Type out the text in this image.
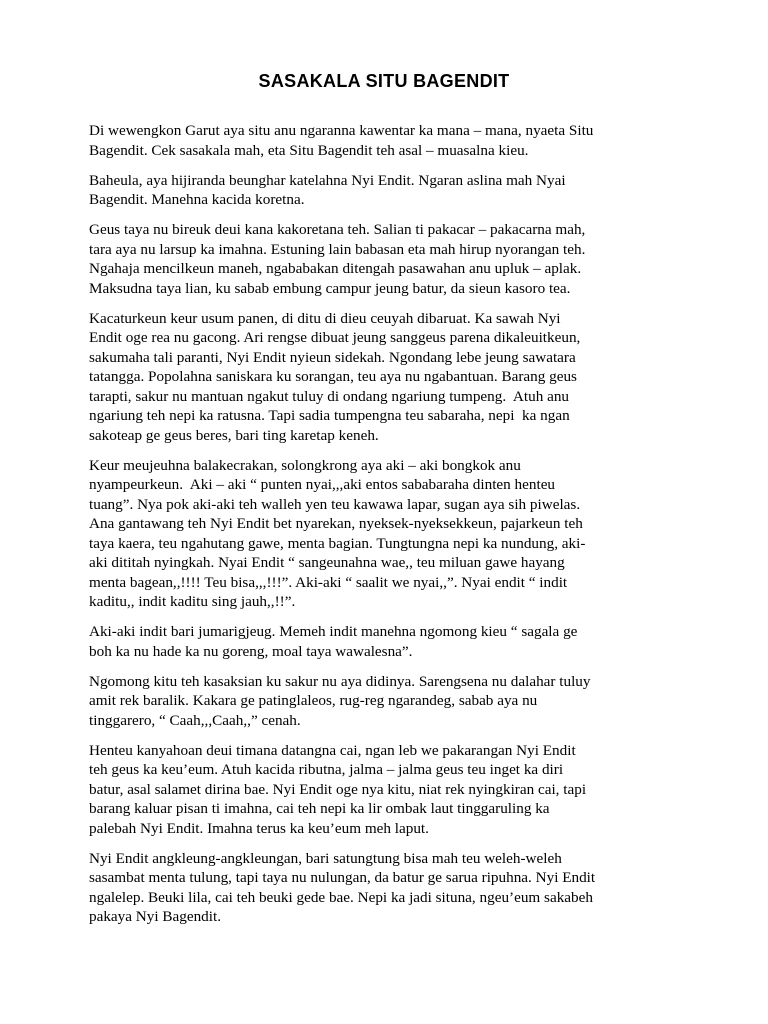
SASAKALA SITU BAGENDIT

Di wewengkon Garut aya situ anu ngaranna kawentar ka mana – mana, nyaeta Situ
Bagendit. Cek sasakala mah, eta Situ Bagendit teh asal – muasalna kieu.

Baheula, aya hijiranda beunghar katelahna Nyi Endit. Ngaran aslina mah Nyai
Bagendit. Manehna kacida koretna.

Geus taya nu bireuk deui kana kakoretana teh. Salian ti pakacar – pakacarna mah,
tara aya nu larsup ka imahna. Estuning lain babasan eta mah hirup nyorangan teh.
Ngahaja mencilkeun maneh, ngababakan ditengah pasawahan anu upluk – aplak.
Maksudna taya lian, ku sabab embung campur jeung batur, da sieun kasoro tea.

Kacaturkeun keur usum panen, di ditu di dieu ceuyah dibaruat. Ka sawah Nyi
Endit oge rea nu gacong. Ari rengse dibuat jeung sanggeus parena dikaleuitkeun,
sakumaha tali paranti, Nyi Endit nyieun sidekah. Ngondang lebe jeung sawatara
tatangga. Popolahna saniskara ku sorangan, teu aya nu ngabantuan. Barang geus
tarapti, sakur nu mantuan ngakut tuluy di ondang ngariung tumpeng.  Atuh anu
ngariung teh nepi ka ratusna. Tapi sadia tumpengna teu sabaraha, nepi  ka ngan
sakoteap ge geus beres, bari ting karetap keneh.

Keur meujeuhna balakecrakan, solongkrong aya aki – aki bongkok anu
nyampeurkeun.  Aki – aki “ punten nyai,,,aki entos sababaraha dinten henteu
tuang”. Nya pok aki-aki teh walleh yen teu kawawa lapar, sugan aya sih piwelas.
Ana gantawang teh Nyi Endit bet nyarekan, nyeksek-nyeksekkeun, pajarkeun teh
taya kaera, teu ngahutang gawe, menta bagian. Tungtungna nepi ka nundung, aki-
aki dititah nyingkah. Nyai Endit “ sangeunahna wae,, teu miluan gawe hayang
menta bagean,,!!!! Teu bisa,,,!!!”. Aki-aki “ saalit we nyai,,”. Nyai endit “ indit
kaditu,, indit kaditu sing jauh,,!!”.

Aki-aki indit bari jumarigjeug. Memeh indit manehna ngomong kieu “ sagala ge
boh ka nu hade ka nu goreng, moal taya wawalesna”.

Ngomong kitu teh kasaksian ku sakur nu aya didinya. Sarengsena nu dalahar tuluy
amit rek baralik. Kakara ge patinglaleos, rug-reg ngarandeg, sabab aya nu
tinggarero, “ Caah,,,Caah,,” cenah.

Henteu kanyahoan deui timana datangna cai, ngan leb we pakarangan Nyi Endit
teh geus ka keu’eum. Atuh kacida ributna, jalma – jalma geus teu inget ka diri
batur, asal salamet dirina bae. Nyi Endit oge nya kitu, niat rek nyingkiran cai, tapi
barang kaluar pisan ti imahna, cai teh nepi ka lir ombak laut tinggaruling ka
palebah Nyi Endit. Imahna terus ka keu’eum meh laput.

Nyi Endit angkleung-angkleungan, bari satungtung bisa mah teu weleh-weleh
sasambat menta tulung, tapi taya nu nulungan, da batur ge sarua ripuhna. Nyi Endit
ngalelep. Beuki lila, cai teh beuki gede bae. Nepi ka jadi situna, ngeu’eum sakabeh
pakaya Nyi Bagendit.
